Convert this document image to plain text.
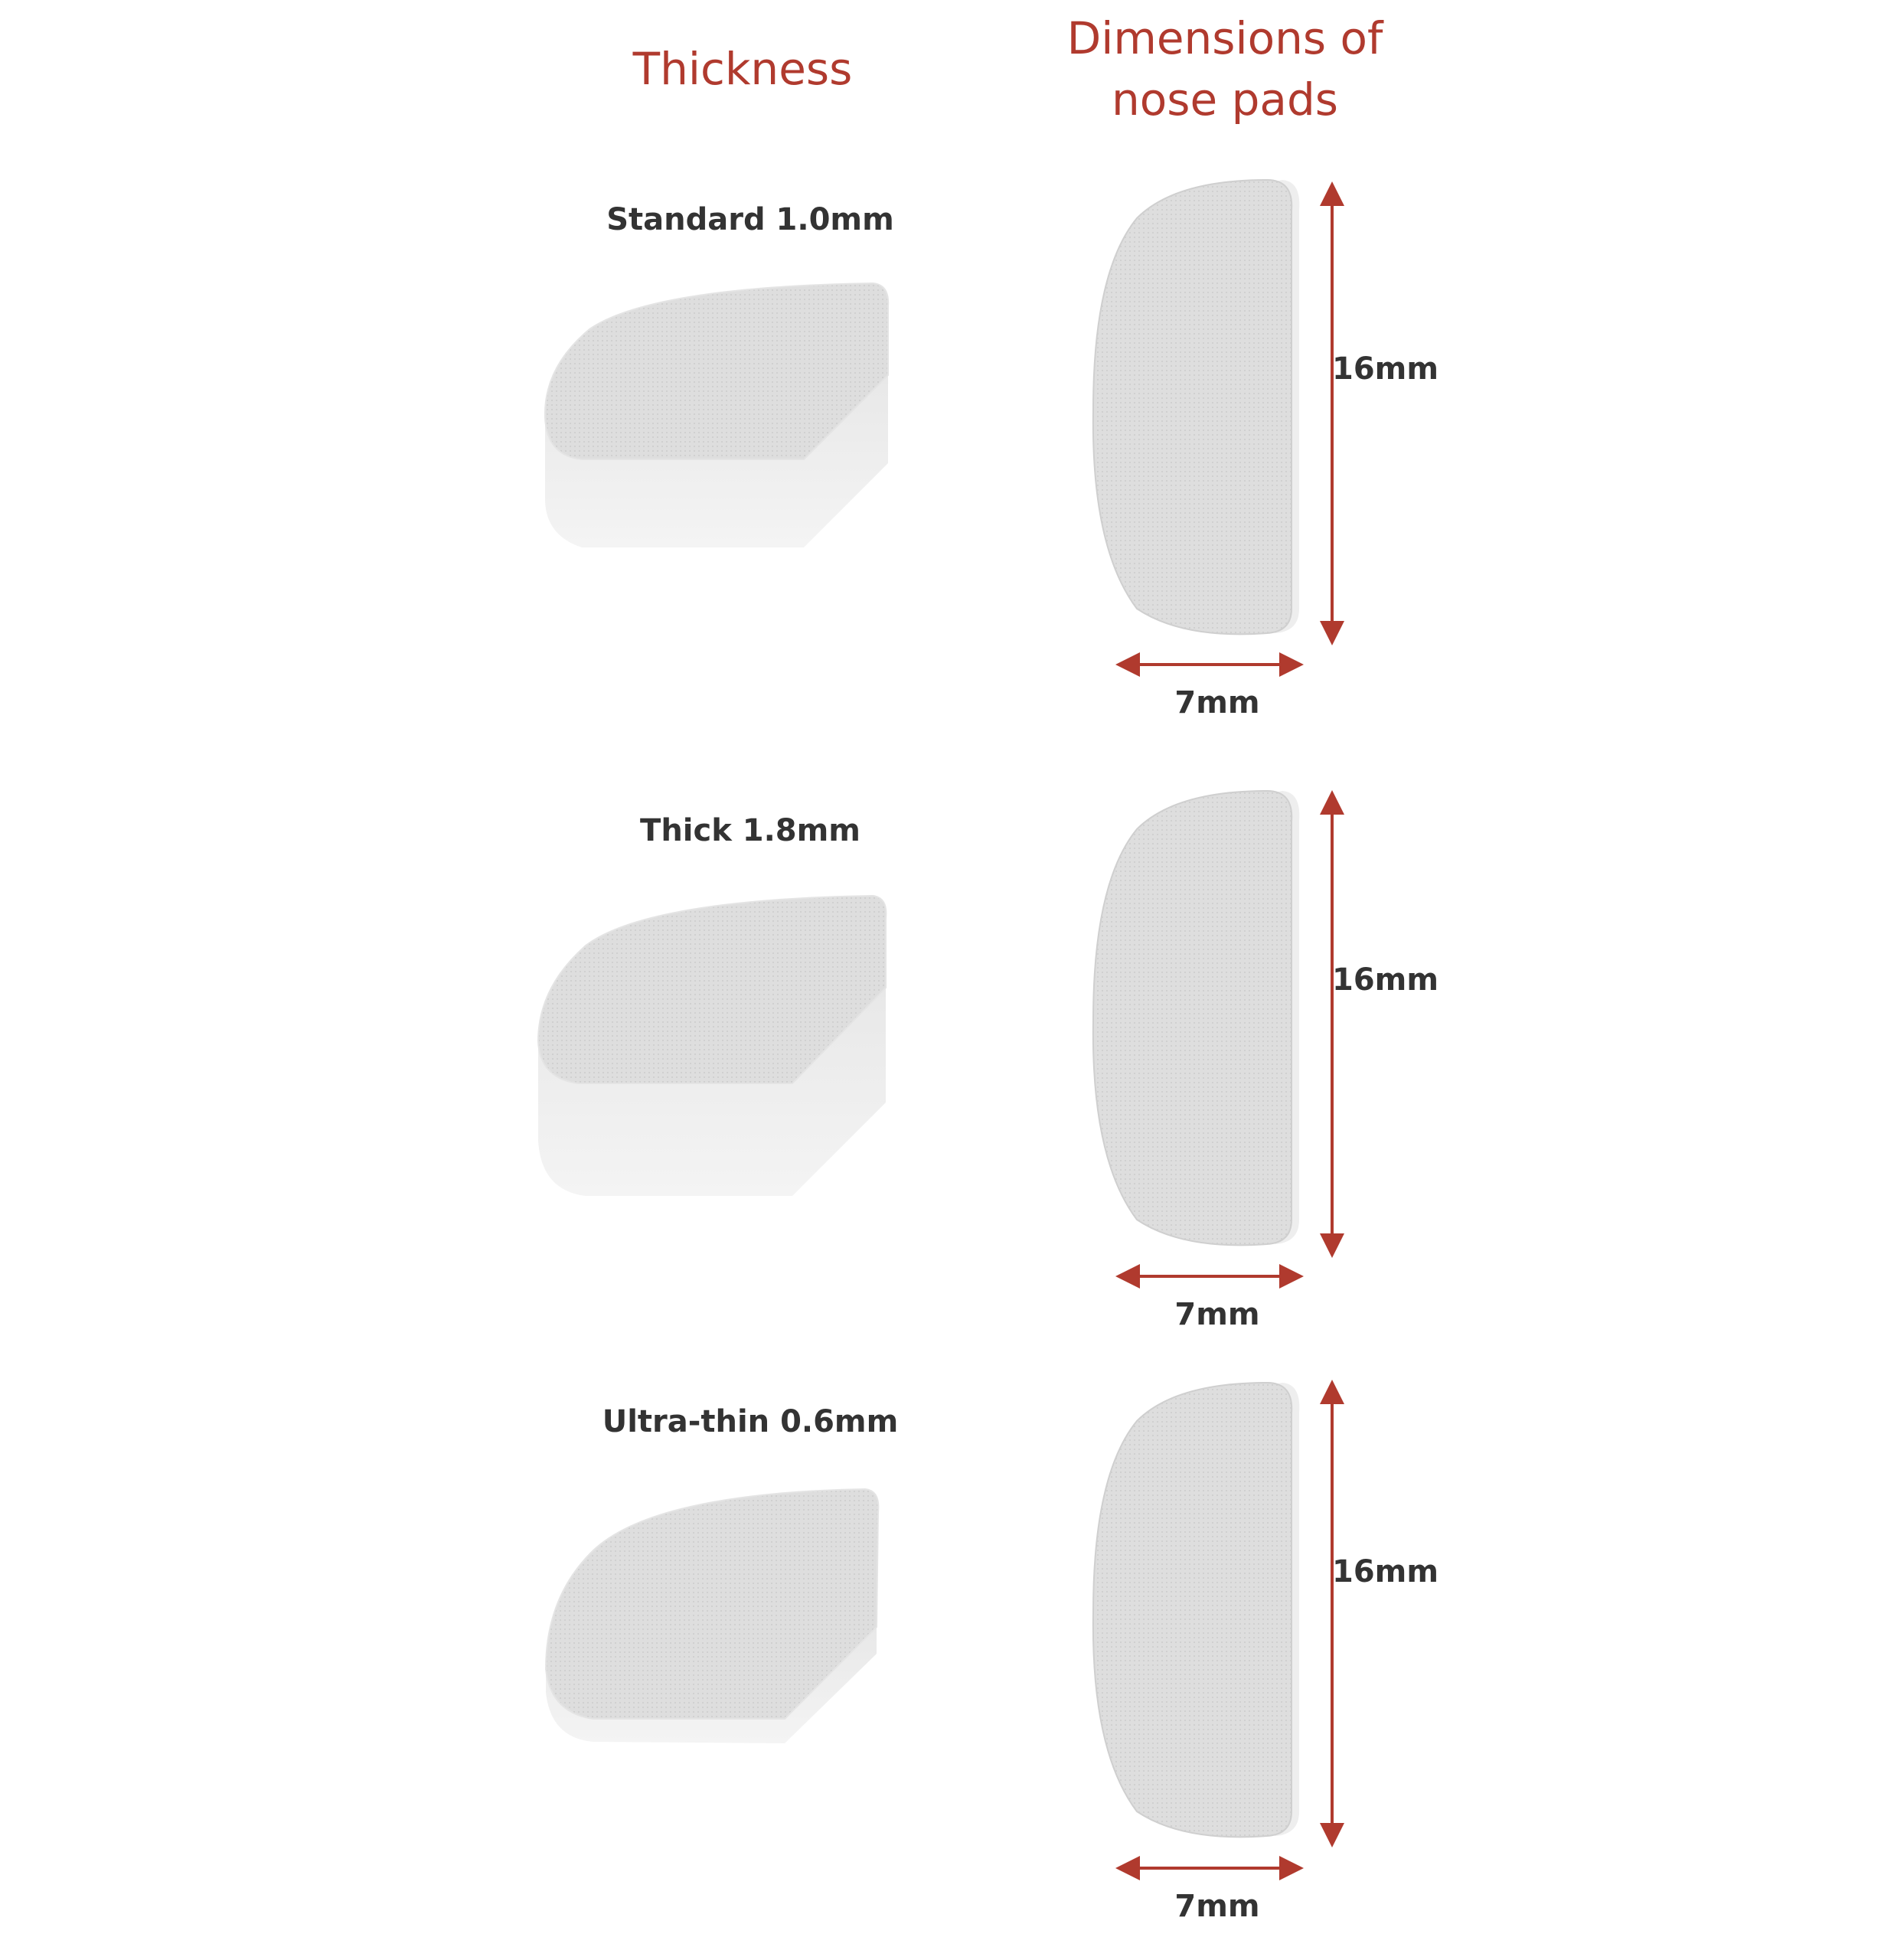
Thickness
Dimensions of
nose pads
Standard 1.0mm
16mm
7mm
Thick 1.8mm
16mm
7mm
Ultra-thin 0.6mm
16mm
7mm
